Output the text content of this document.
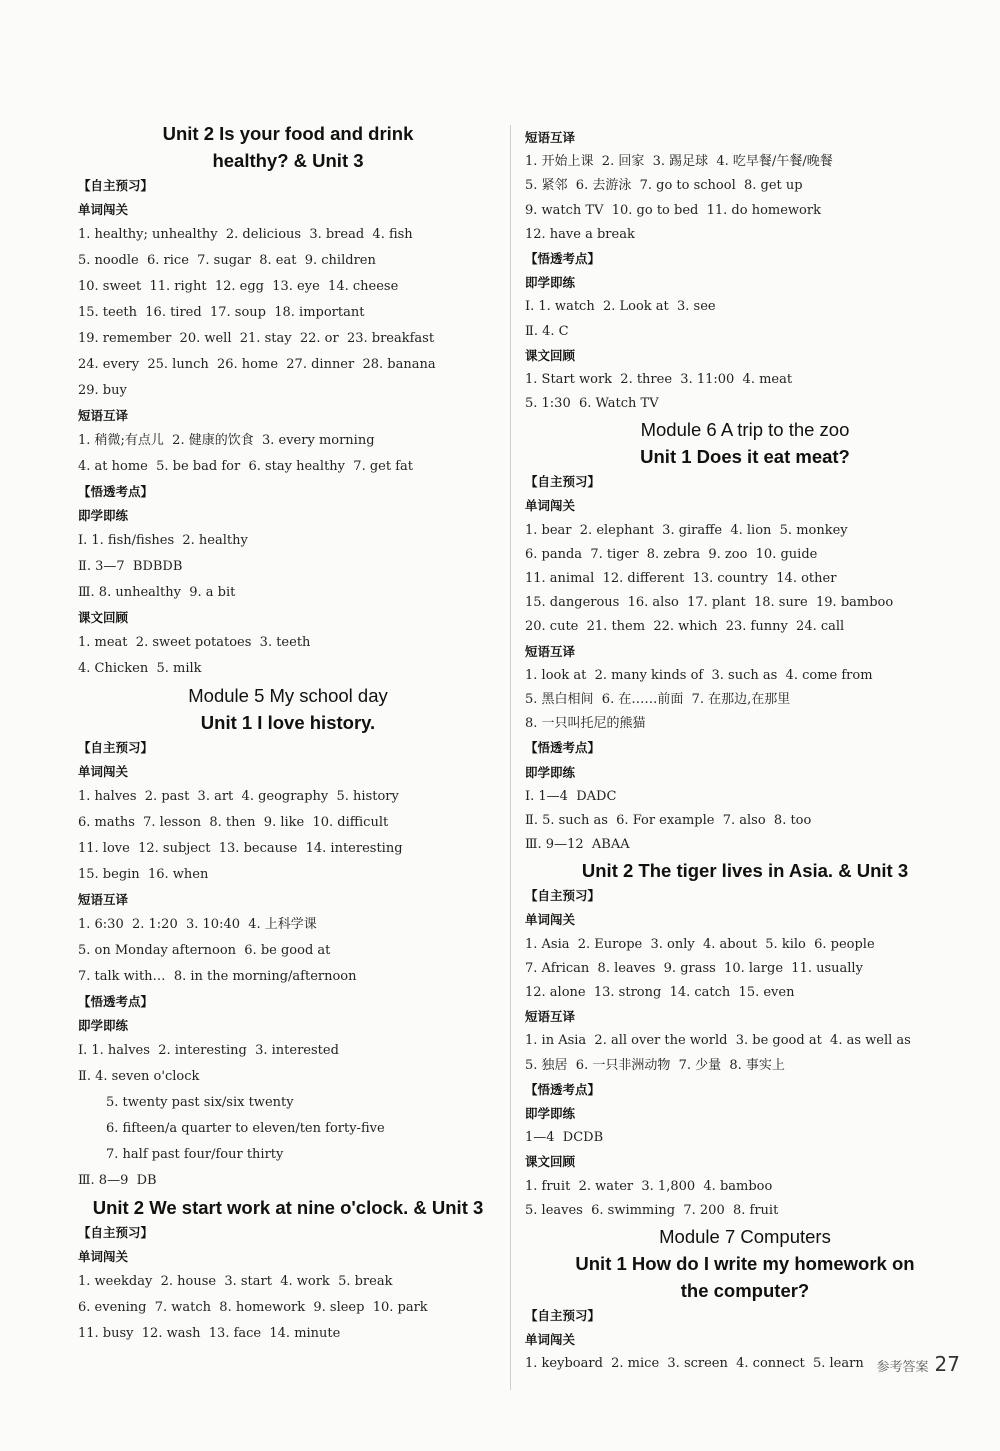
Unit 2 Is your food and drink
healthy? & Unit 3
【自主预习】
单词闯关
1. healthy; unhealthy  2. delicious  3. bread  4. fish
5. noodle  6. rice  7. sugar  8. eat  9. children
10. sweet  11. right  12. egg  13. eye  14. cheese
15. teeth  16. tired  17. soup  18. important
19. remember  20. well  21. stay  22. or  23. breakfast
24. every  25. lunch  26. home  27. dinner  28. banana
29. buy
短语互译
1. 稍微;有点儿  2. 健康的饮食  3. every morning
4. at home  5. be bad for  6. stay healthy  7. get fat
【悟透考点】
即学即练
Ⅰ. 1. fish/fishes  2. healthy
Ⅱ. 3—7  BDBDB
Ⅲ. 8. unhealthy  9. a bit
课文回顾
1. meat  2. sweet potatoes  3. teeth
4. Chicken  5. milk
Module 5 My school day
Unit 1 I love history.
【自主预习】
单词闯关
1. halves  2. past  3. art  4. geography  5. history
6. maths  7. lesson  8. then  9. like  10. difficult
11. love  12. subject  13. because  14. interesting
15. begin  16. when
短语互译
1. 6:30  2. 1:20  3. 10:40  4. 上科学课
5. on Monday afternoon  6. be good at
7. talk with…  8. in the morning/afternoon
【悟透考点】
即学即练
Ⅰ. 1. halves  2. interesting  3. interested
Ⅱ. 4. seven o'clock
5. twenty past six/six twenty
6. fifteen/a quarter to eleven/ten forty-five
7. half past four/four thirty
Ⅲ. 8—9  DB
Unit 2 We start work at nine o'clock. & Unit 3
【自主预习】
单词闯关
1. weekday  2. house  3. start  4. work  5. break
6. evening  7. watch  8. homework  9. sleep  10. park
11. busy  12. wash  13. face  14. minute
短语互译
1. 开始上课  2. 回家  3. 踢足球  4. 吃早餐/午餐/晚餐
5. 紧邻  6. 去游泳  7. go to school  8. get up
9. watch TV  10. go to bed  11. do homework
12. have a break
【悟透考点】
即学即练
Ⅰ. 1. watch  2. Look at  3. see
Ⅱ. 4. C
课文回顾
1. Start work  2. three  3. 11:00  4. meat
5. 1:30  6. Watch TV
Module 6 A trip to the zoo
Unit 1 Does it eat meat?
【自主预习】
单词闯关
1. bear  2. elephant  3. giraffe  4. lion  5. monkey
6. panda  7. tiger  8. zebra  9. zoo  10. guide
11. animal  12. different  13. country  14. other
15. dangerous  16. also  17. plant  18. sure  19. bamboo
20. cute  21. them  22. which  23. funny  24. call
短语互译
1. look at  2. many kinds of  3. such as  4. come from
5. 黑白相间  6. 在……前面  7. 在那边,在那里
8. 一只叫托尼的熊猫
【悟透考点】
即学即练
Ⅰ. 1—4  DADC
Ⅱ. 5. such as  6. For example  7. also  8. too
Ⅲ. 9—12  ABAA
Unit 2 The tiger lives in Asia. & Unit 3
【自主预习】
单词闯关
1. Asia  2. Europe  3. only  4. about  5. kilo  6. people
7. African  8. leaves  9. grass  10. large  11. usually
12. alone  13. strong  14. catch  15. even
短语互译
1. in Asia  2. all over the world  3. be good at  4. as well as
5. 独居  6. 一只非洲动物  7. 少量  8. 事实上
【悟透考点】
即学即练
1—4  DCDB
课文回顾
1. fruit  2. water  3. 1,800  4. bamboo
5. leaves  6. swimming  7. 200  8. fruit
Module 7 Computers
Unit 1 How do I write my homework on
the computer?
【自主预习】
单词闯关
1. keyboard  2. mice  3. screen  4. connect  5. learn 参考答案 27
